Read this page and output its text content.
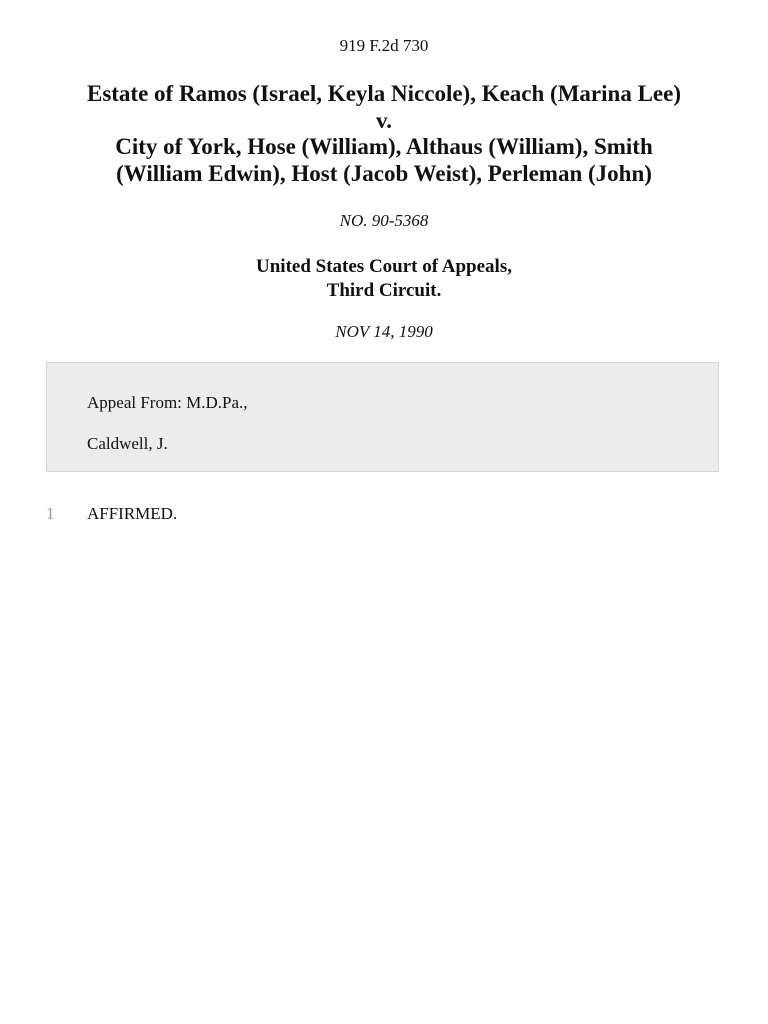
919 F.2d 730
Estate of Ramos (Israel, Keyla Niccole), Keach (Marina Lee)
v.
City of York, Hose (William), Althaus (William), Smith
(William Edwin), Host (Jacob Weist), Perleman (John)
NO. 90-5368
United States Court of Appeals,
Third Circuit.
NOV 14, 1990
Appeal From: M.D.Pa.,
Caldwell, J.
1 AFFIRMED.
